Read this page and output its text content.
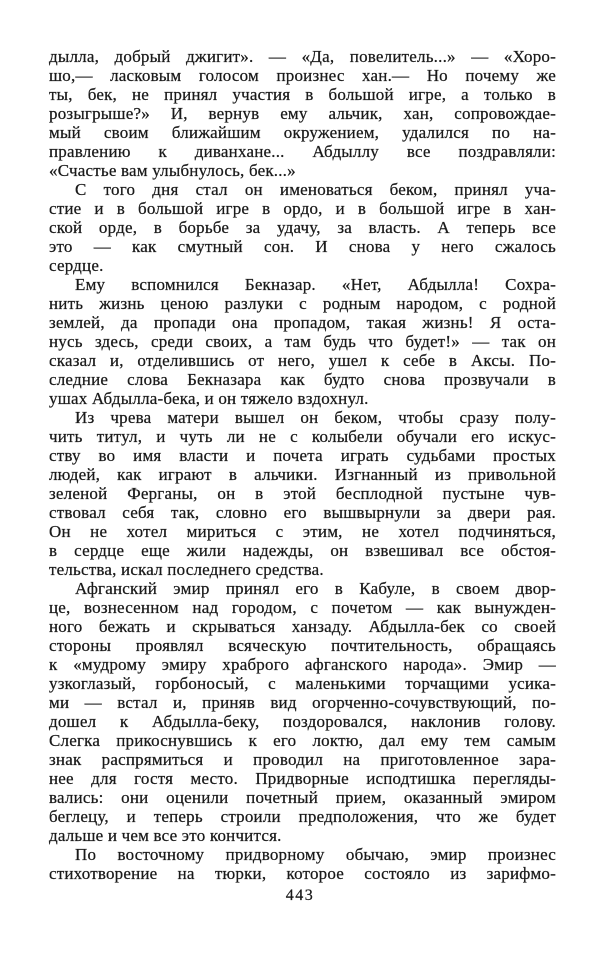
дылла, добрый джигит». — «Да, повелитель...» — «Хоро-
шо,— ласковым голосом произнес хан.— Но почему же
ты, бек, не принял участия в большой игре, а только в
розыгрыше?» И, вернув ему альчик, хан, сопровождае-
мый своим ближайшим окружением, удалился по на-
правлению к диванхане... Абдыллу все поздравляли:
«Счастье вам улыбнулось, бек...»
С того дня стал он именоваться беком, принял уча-
стие и в большой игре в ордо, и в большой игре в хан-
ской орде, в борьбе за удачу, за власть. А теперь все
это — как смутный сон. И снова у него сжалось
сердце.
Ему вспомнился Бекназар. «Нет, Абдылла! Сохра-
нить жизнь ценою разлуки с родным народом, с родной
землей, да пропади она пропадом, такая жизнь! Я оста-
нусь здесь, среди своих, а там будь что будет!» — так он
сказал и, отделившись от него, ушел к себе в Аксы. По-
следние слова Бекназара как будто снова прозвучали в
ушах Абдылла-бека, и он тяжело вздохнул.
Из чрева матери вышел он беком, чтобы сразу полу-
чить титул, и чуть ли не с колыбели обучали его искус-
ству во имя власти и почета играть судьбами простых
людей, как играют в альчики. Изгнанный из привольной
зеленой Ферганы, он в этой бесплодной пустыне чув-
ствовал себя так, словно его вышвырнули за двери рая.
Он не хотел мириться с этим, не хотел подчиняться,
в сердце еще жили надежды, он взвешивал все обстоя-
тельства, искал последнего средства.
Афганский эмир принял его в Кабуле, в своем двор-
це, вознесенном над городом, с почетом — как вынужден-
ного бежать и скрываться ханзаду. Абдылла-бек со своей
стороны проявлял всяческую почтительность, обращаясь
к «мудрому эмиру храброго афганского народа». Эмир —
узкоглазый, горбоносый, с маленькими торчащими усика-
ми — встал и, приняв вид огорченно-сочувствующий, по-
дошел к Абдылла-беку, поздоровался, наклонив голову.
Слегка прикоснувшись к его локтю, дал ему тем самым
знак распрямиться и проводил на приготовленное зара-
нее для гостя место. Придворные исподтишка перегляды-
вались: они оценили почетный прием, оказанный эмиром
беглецу, и теперь строили предположения, что же будет
дальше и чем все это кончится.
По восточному придворному обычаю, эмир произнес
стихотворение на тюрки, которое состояло из зарифмо-
443
